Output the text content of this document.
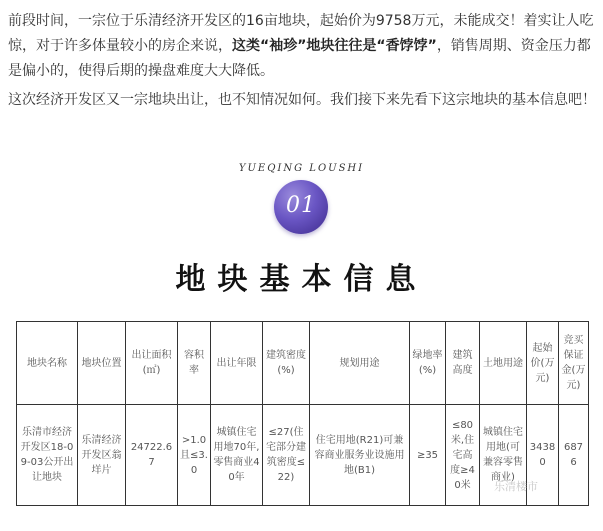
前段时间，一宗位于乐清经济开发区的16亩地块，起始价为9758万元，未能成交！着实让人吃惊，对于许多体量较小的房企来说，这类“袖珍”地块往往是“香饽饽”，销售周期、资金压力都是偏小的，使得后期的操盘难度大大降低。

这次经济开发区又一宗地块出让，也不知情况如何。我们接下来先看下这宗地块的基本信息吧！

YUEQING LOUSHI
01
地块基本信息
地块名称	地块位置	出让面积(㎡)	容积率	出让年限	建筑密度(%)	规划用途	绿地率(%)	建筑高度	土地用途	起始价(万元)	竞买保证金(万元)
乐清市经济开发区18-09-03公开出让地块	乐清经济开发区翁垟片	24722.67	>1.0且≤3.0	城镇住宅用地70年,零售商业40年	≤27(住宅部分建筑密度≤22)	住宅用地(R21)可兼容商业服务业设施用地(B1)	≥35	≤80米,住宅高度≥40米	城镇住宅用地(可兼容零售商业)	34380	6876
乐清楼市
